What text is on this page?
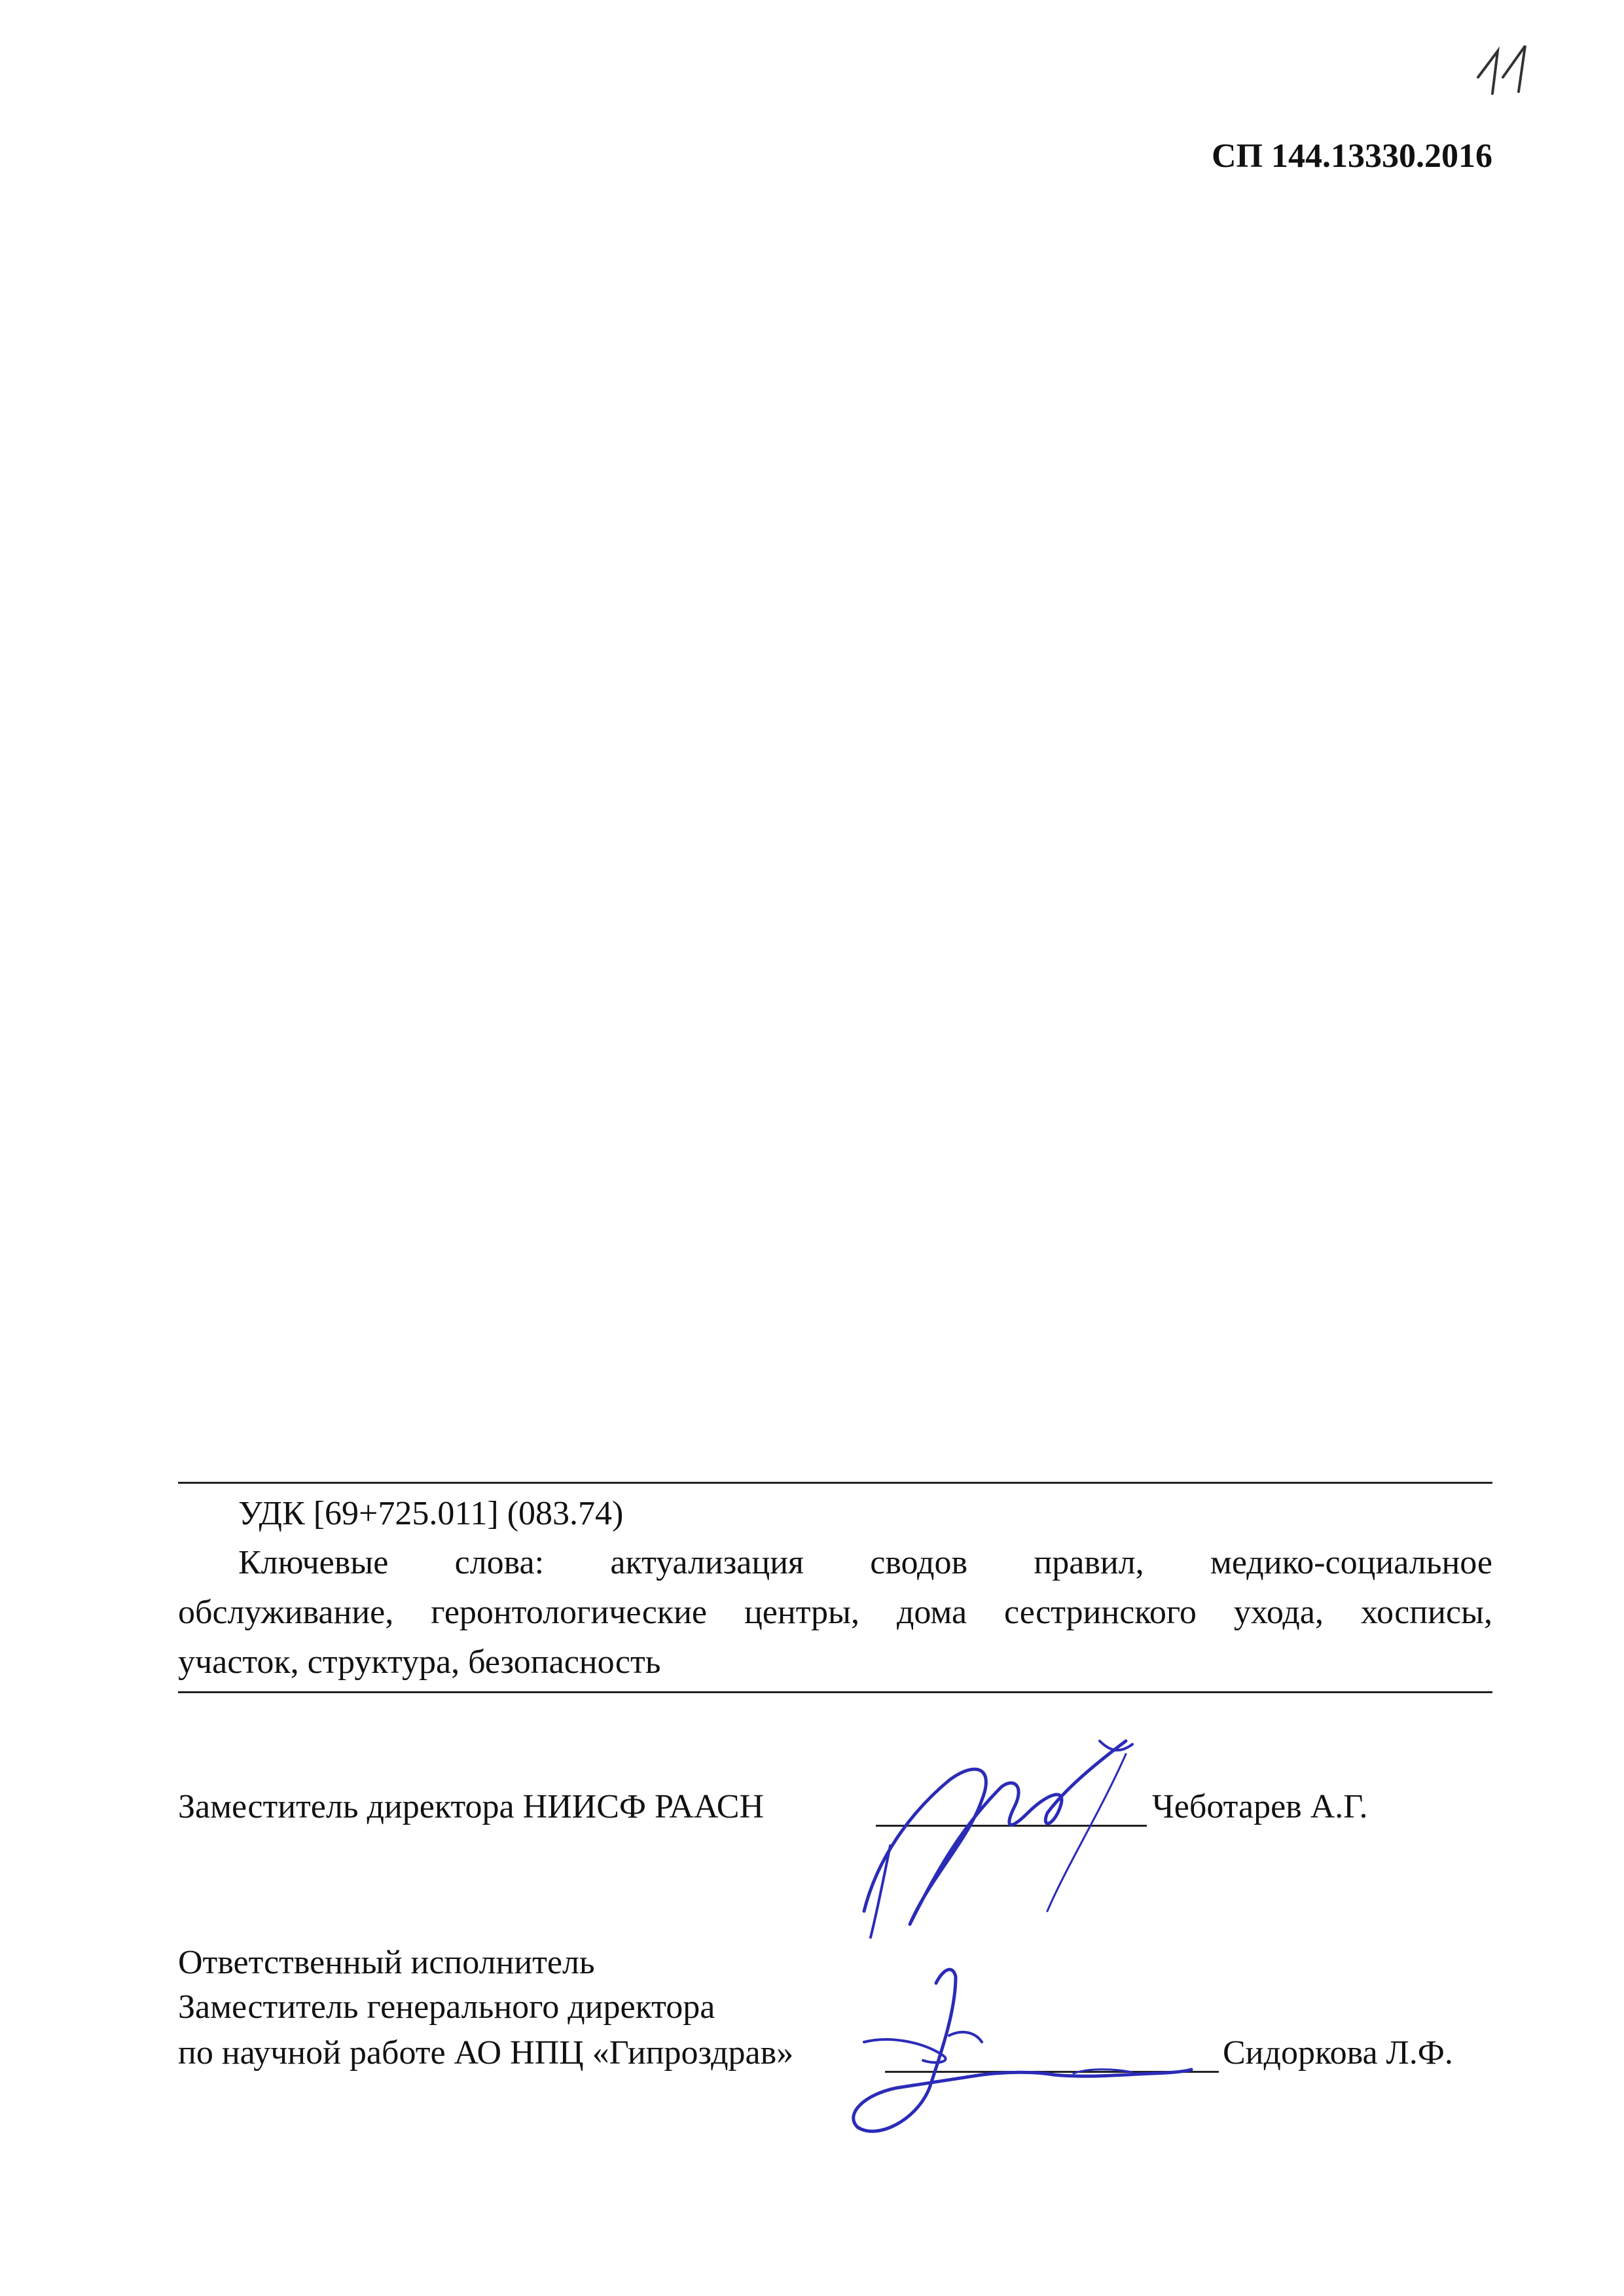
СП 144.13330.2016
УДК [69+725.011] (083.74)
Ключевые слова: актуализация сводов правил, медико-социальное
обслуживание, геронтологические центры, дома сестринского ухода, хосписы,
участок, структура, безопасность
Заместитель директора НИИСФ РААСН	Чеботарев А.Г.
Ответственный исполнитель
Заместитель генерального директора
по научной работе АО НПЦ «Гипроздрав»	Сидоркова Л.Ф.
